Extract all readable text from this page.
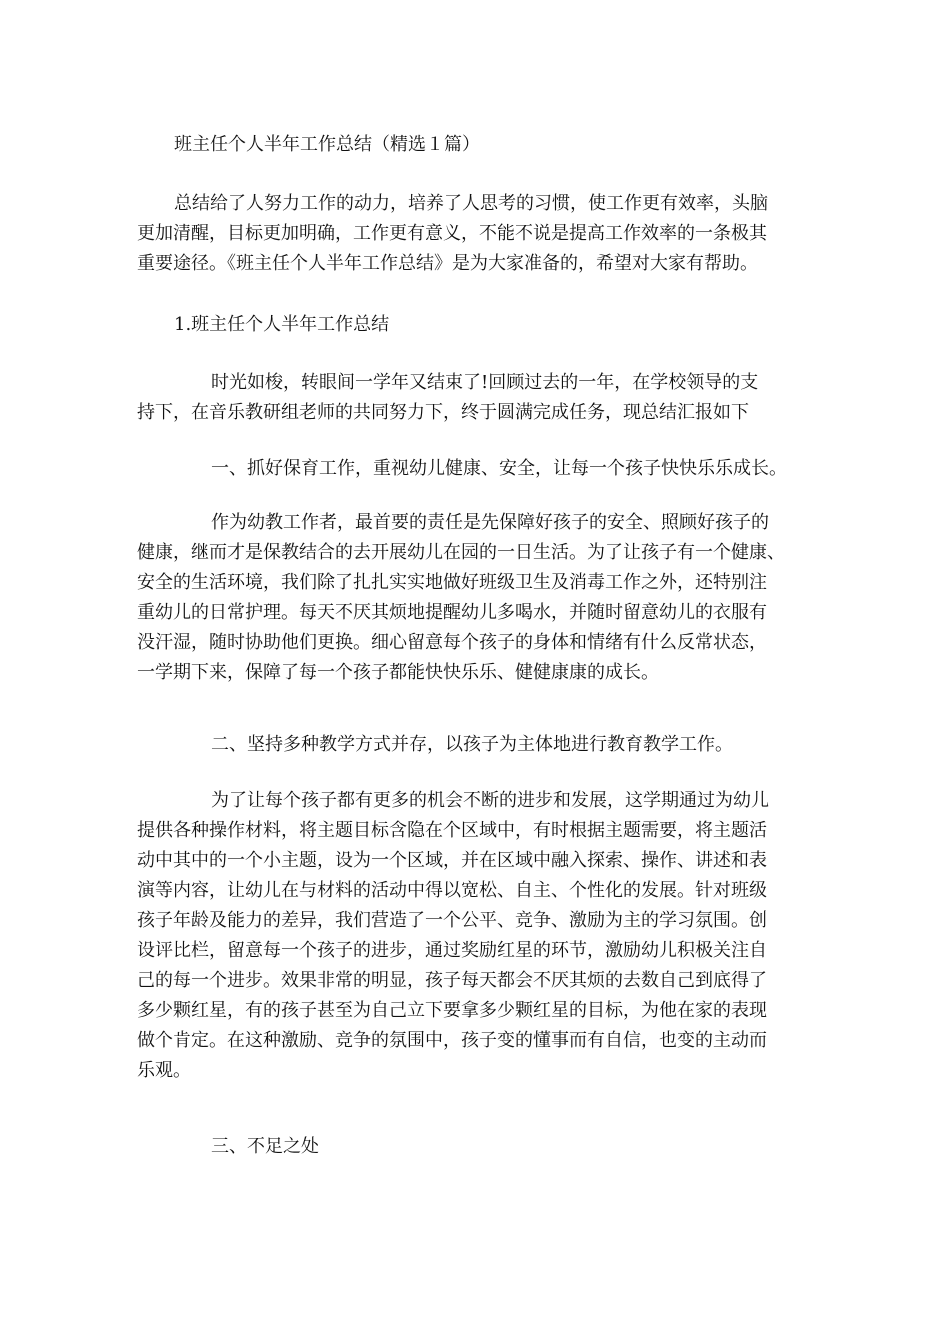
班主任个人半年工作总结（精选１篇）
总结给了人努力工作的动力，培养了人思考的习惯，使工作更有效率，头脑
更加清醒，目标更加明确，工作更有意义，不能不说是提高工作效率的一条极其
重要途径。《班主任个人半年工作总结》是为大家准备的，希望对大家有帮助。
1.班主任个人半年工作总结
时光如梭，转眼间一学年又结束了!回顾过去的一年，在学校领导的支
持下，在音乐教研组老师的共同努力下，终于圆满完成任务，现总结汇报如下
一、抓好保育工作，重视幼儿健康、安全，让每一个孩子快快乐乐成长。
作为幼教工作者，最首要的责任是先保障好孩子的安全、照顾好孩子的
健康，继而才是保教结合的去开展幼儿在园的一日生活。为了让孩子有一个健康、
安全的生活环境，我们除了扎扎实实地做好班级卫生及消毒工作之外，还特别注
重幼儿的日常护理。每天不厌其烦地提醒幼儿多喝水，并随时留意幼儿的衣服有
没汗湿，随时协助他们更换。细心留意每个孩子的身体和情绪有什么反常状态，
一学期下来，保障了每一个孩子都能快快乐乐、健健康康的成长。
二、坚持多种教学方式并存，以孩子为主体地进行教育教学工作。
为了让每个孩子都有更多的机会不断的进步和发展，这学期通过为幼儿
提供各种操作材料，将主题目标含隐在个区域中，有时根据主题需要，将主题活
动中其中的一个小主题，设为一个区域，并在区域中融入探索、操作、讲述和表
演等内容，让幼儿在与材料的活动中得以宽松、自主、个性化的发展。针对班级
孩子年龄及能力的差异，我们营造了一个公平、竞争、激励为主的学习氛围。创
设评比栏，留意每一个孩子的进步，通过奖励红星的环节，激励幼儿积极关注自
己的每一个进步。效果非常的明显，孩子每天都会不厌其烦的去数自己到底得了
多少颗红星，有的孩子甚至为自己立下要拿多少颗红星的目标，为他在家的表现
做个肯定。在这种激励、竞争的氛围中，孩子变的懂事而有自信，也变的主动而
乐观。
三、不足之处
